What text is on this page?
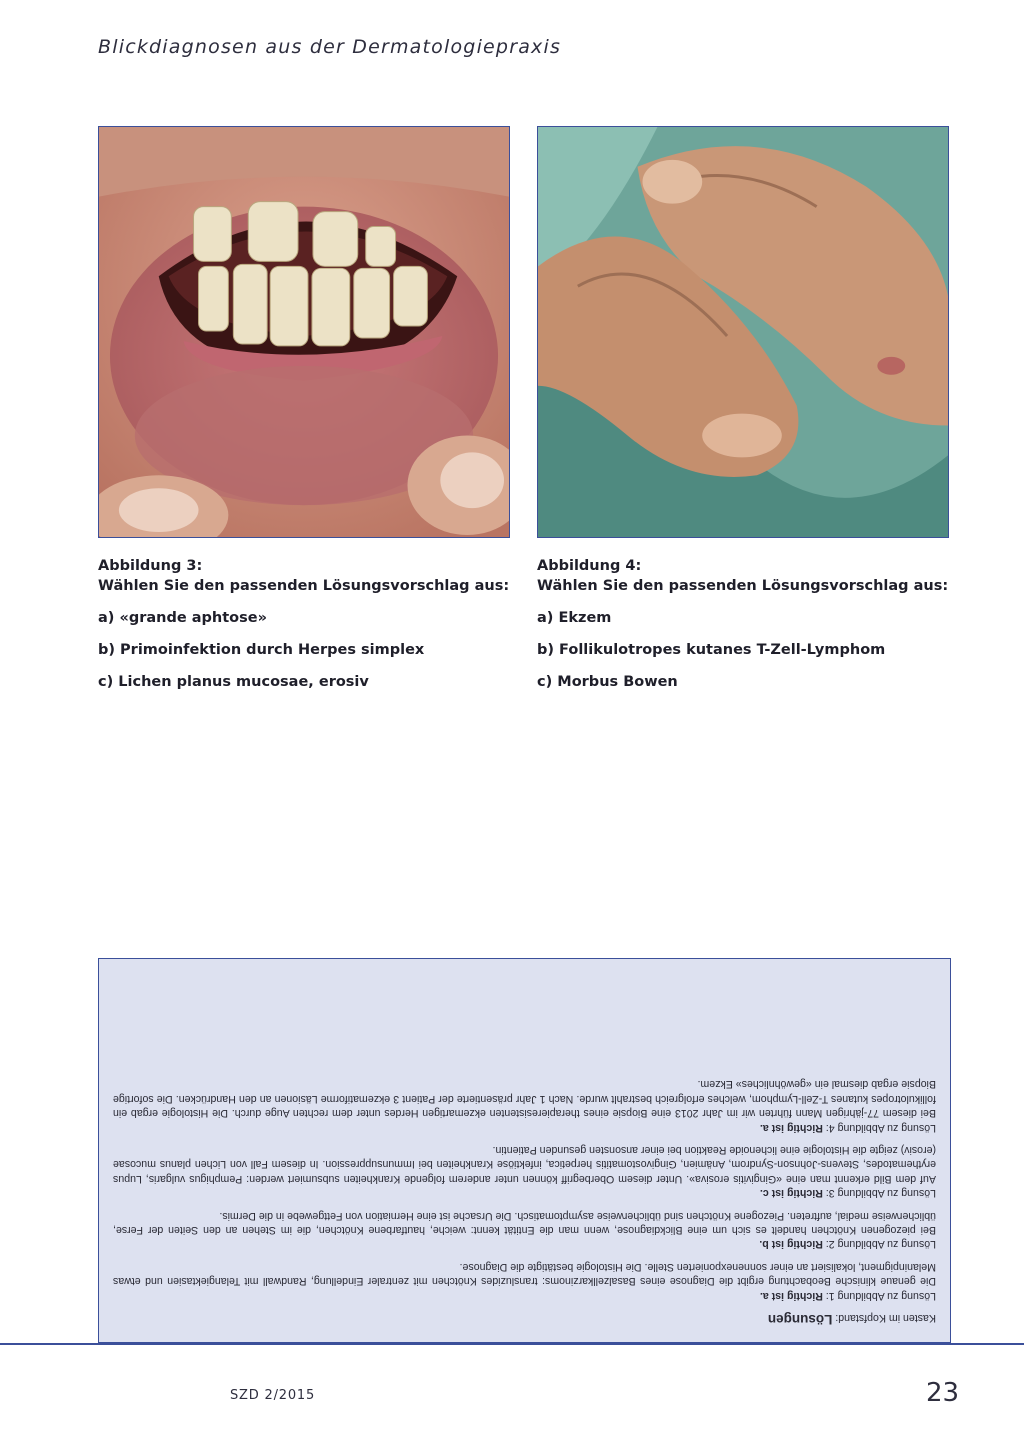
Blickdiagnosen aus der Dermatologiepraxis

Abbildung 3:

Wählen Sie den passenden Lösungsvorschlag aus:

a) «grande aphtose»

b) Primoinfektion durch Herpes simplex

c) Lichen planus mucosae, erosiv

Abbildung 4:

Wählen Sie den passenden Lösungsvorschlag aus:

a) Ekzem

b) Follikulotropes kutanes T-Zell-Lymphom

c) Morbus Bowen

Kasten im Kopfstand: Lösungen

Lösung zu Abbildung 1: Richtig ist a.

Die genaue klinische Beobachtung ergibt die Diagnose eines Basalzellkarzinoms: transluzides Knötchen mit zentraler Eindellung, Randwall mit Telangiektasien und etwas Melaninpigment, lokalisiert an einer sonnenexponierten Stelle. Die Histologie bestätigte die Diagnose.

Lösung zu Abbildung 2: Richtig ist b.

Bei piezogenen Knötchen handelt es sich um eine Blickdiagnose, wenn man die Entität kennt: weiche, hautfarbene Knötchen, die im Stehen an den Seiten der Ferse, üblicherweise medial, auftreten. Piezogene Knötchen sind üblicherweise asymptomatisch. Die Ursache ist eine Herniation von Fettgewebe in die Dermis.

Lösung zu Abbildung 3: Richtig ist c.

Auf dem Bild erkennt man eine «Gingivitis erosiva». Unter diesem Oberbegriff können unter anderem folgende Krankheiten subsumiert werden: Pemphigus vulgaris, Lupus erythematodes, Stevens-Johnson-Syndrom, Anämien, Gingivostomatitis herpetica, infektiöse Krankheiten bei Immunsuppression. In diesem Fall von Lichen planus mucosae (erosiv) zeigte die Histologie eine lichenoide Reaktion bei einer ansonsten gesunden Patientin.

Lösung zu Abbildung 4: Richtig ist a.

Bei diesem 77-jährigen Mann führten wir im Jahr 2013 eine Biopsie eines therapieresistenten ekzemartigen Herdes unter dem rechten Auge durch. Die Histologie ergab ein follikulotropes kutanes T-Zell-Lymphom, welches erfolgreich bestrahlt wurde. Nach 1 Jahr präsentierte der Patient 3 ekzematiforme Läsionen an den Handrücken. Die sofortige Biopsie ergab diesmal ein «gewöhnliches» Ekzem.

SZD 2/2015	23
